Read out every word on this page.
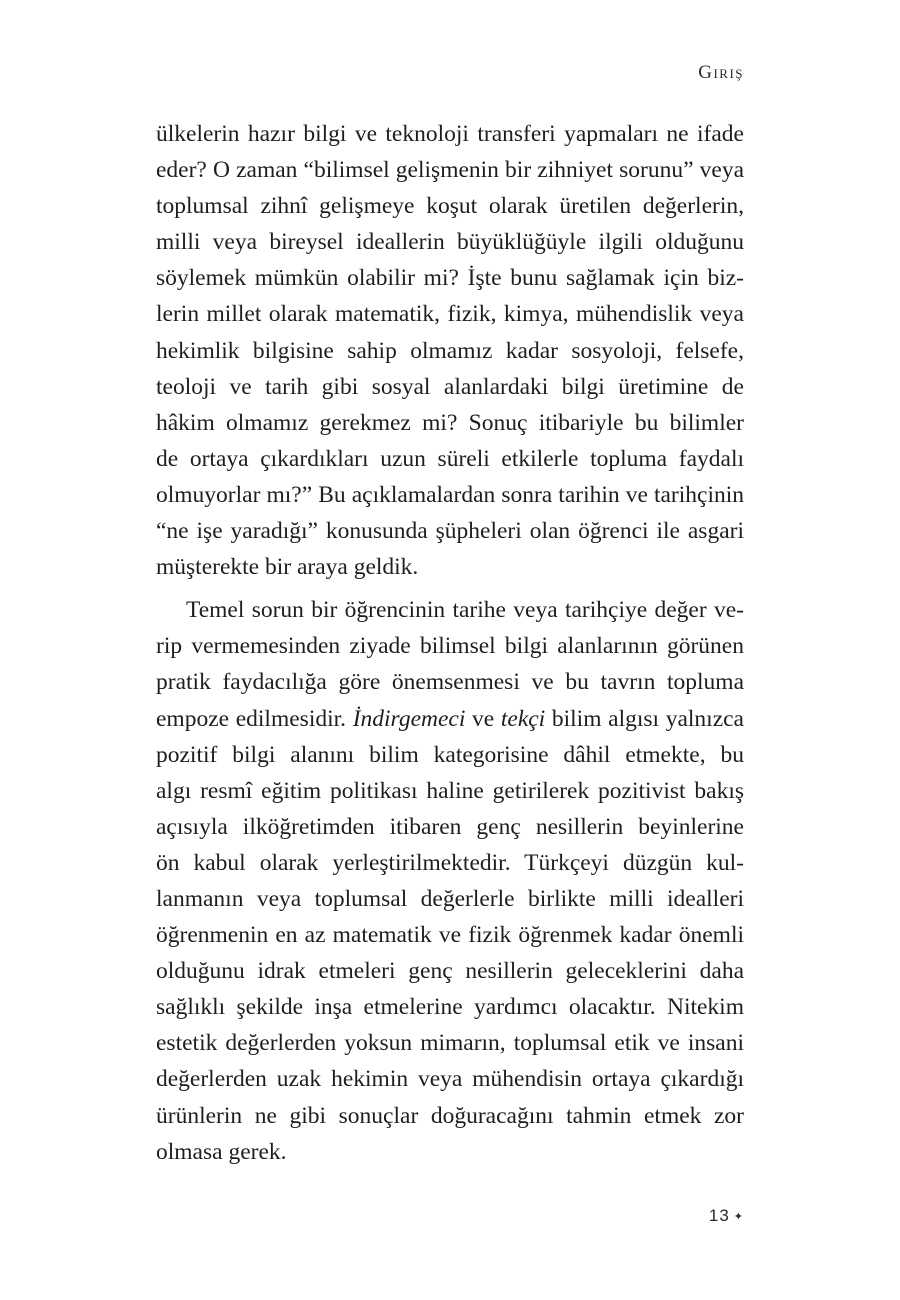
Giriş
ülkelerin hazır bilgi ve teknoloji transferi yapmaları ne ifade
eder? O zaman “bilimsel gelişmenin bir zihniyet sorunu” veya
toplumsal zihnî gelişmeye koşut olarak üretilen değerlerin,
milli veya bireysel ideallerin büyüklüğüyle ilgili olduğunu
söylemek mümkün olabilir mi? İşte bunu sağlamak için biz-
lerin millet olarak matematik, fizik, kimya, mühendislik veya
hekimlik bilgisine sahip olmamız kadar sosyoloji, felsefe,
teoloji ve tarih gibi sosyal alanlardaki bilgi üretimine de
hâkim olmamız gerekmez mi? Sonuç itibariyle bu bilimler
de ortaya çıkardıkları uzun süreli etkilerle topluma faydalı
olmuyorlar mı?” Bu açıklamalardan sonra tarihin ve tarihçinin
“ne işe yaradığı” konusunda şüpheleri olan öğrenci ile asgari
müşterekte bir araya geldik.
Temel sorun bir öğrencinin tarihe veya tarihçiye değer ve-
rip vermemesinden ziyade bilimsel bilgi alanlarının görünen
pratik faydacılığa göre önemsenmesi ve bu tavrın topluma
empoze edilmesidir. İndirgemeci ve tekçi bilim algısı yalnızca
pozitif bilgi alanını bilim kategorisine dâhil etmekte, bu
algı resmî eğitim politikası haline getirilerek pozitivist bakış
açısıyla ilköğretimden itibaren genç nesillerin beyinlerine
ön kabul olarak yerleştirilmektedir. Türkçeyi düzgün kul-
lanmanın veya toplumsal değerlerle birlikte milli idealleri
öğrenmenin en az matematik ve fizik öğrenmek kadar önemli
olduğunu idrak etmeleri genç nesillerin geleceklerini daha
sağlıklı şekilde inşa etmelerine yardımcı olacaktır. Nitekim
estetik değerlerden yoksun mimarın, toplumsal etik ve insani
değerlerden uzak hekimin veya mühendisin ortaya çıkardığı
ürünlerin ne gibi sonuçlar doğuracağını tahmin etmek zor
olmasa gerek.
13 ✦
